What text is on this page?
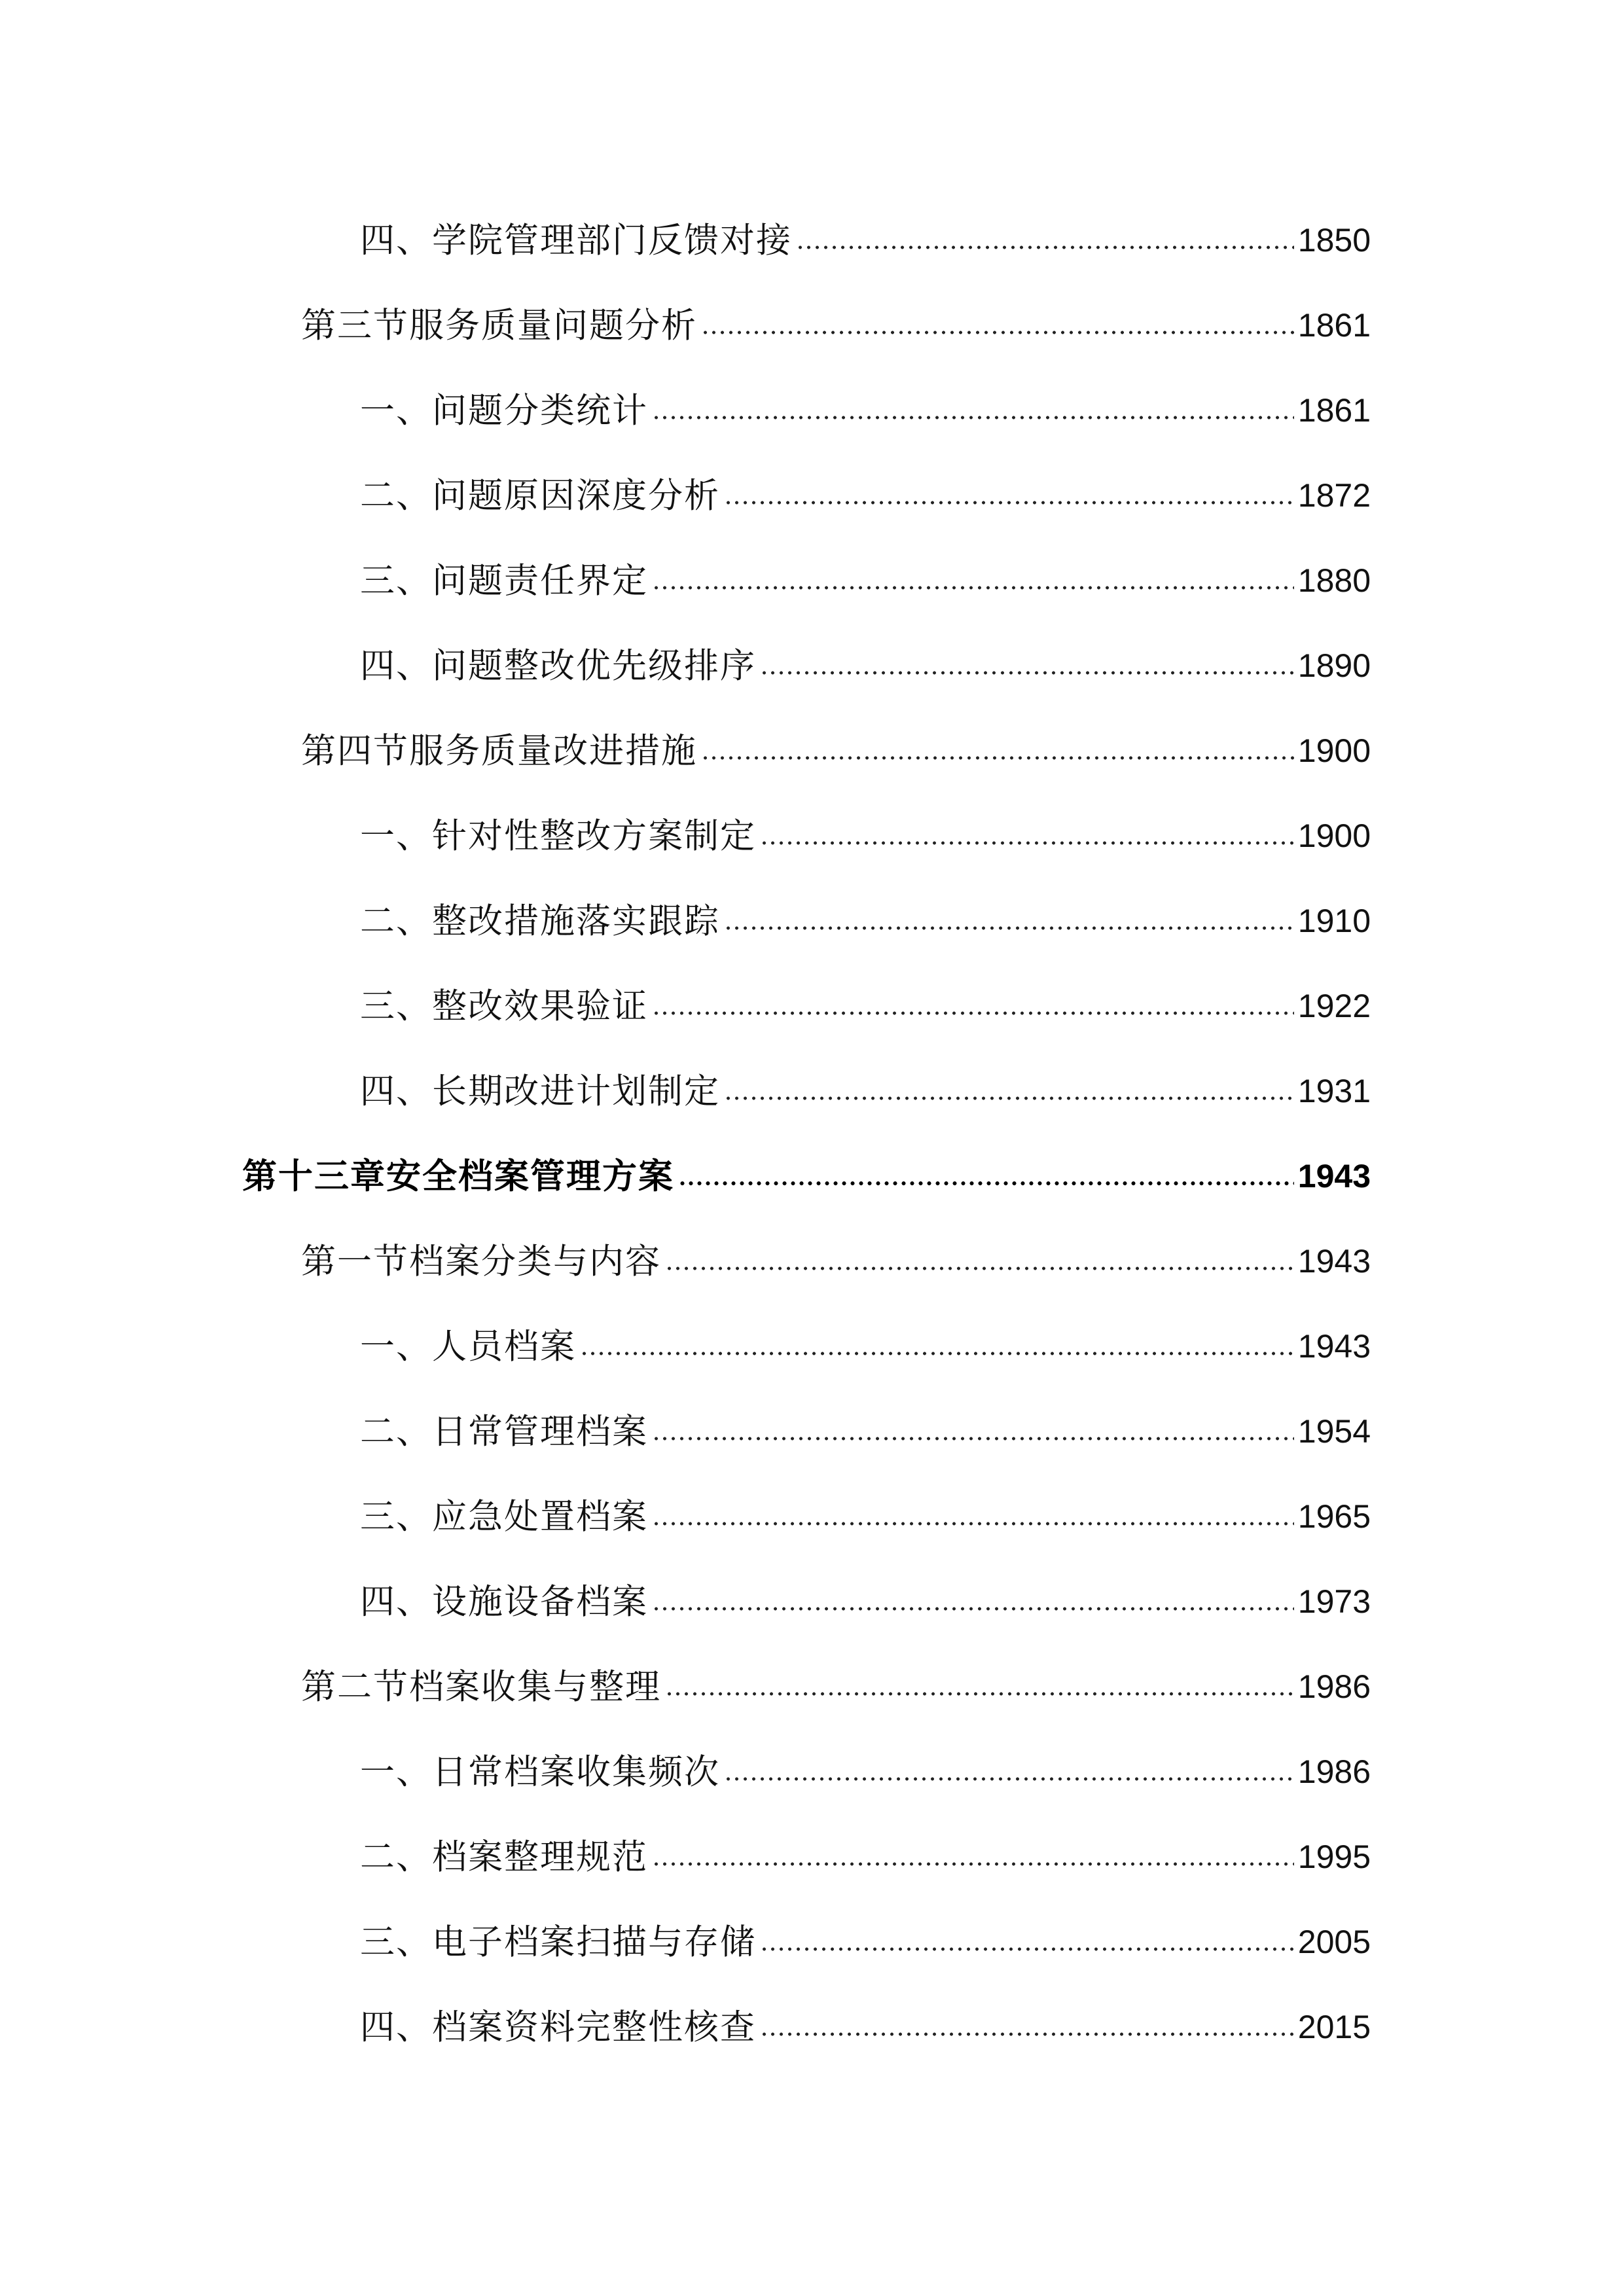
四、学院管理部门反馈对接	1850
第三节服务质量问题分析	1861
一、问题分类统计	1861
二、问题原因深度分析	1872
三、问题责任界定	1880
四、问题整改优先级排序	1890
第四节服务质量改进措施	1900
一、针对性整改方案制定	1900
二、整改措施落实跟踪	1910
三、整改效果验证	1922
四、长期改进计划制定	1931
第十三章安全档案管理方案	1943
第一节档案分类与内容	1943
一、人员档案	1943
二、日常管理档案	1954
三、应急处置档案	1965
四、设施设备档案	1973
第二节档案收集与整理	1986
一、日常档案收集频次	1986
二、档案整理规范	1995
三、电子档案扫描与存储	2005
四、档案资料完整性核查	2015
